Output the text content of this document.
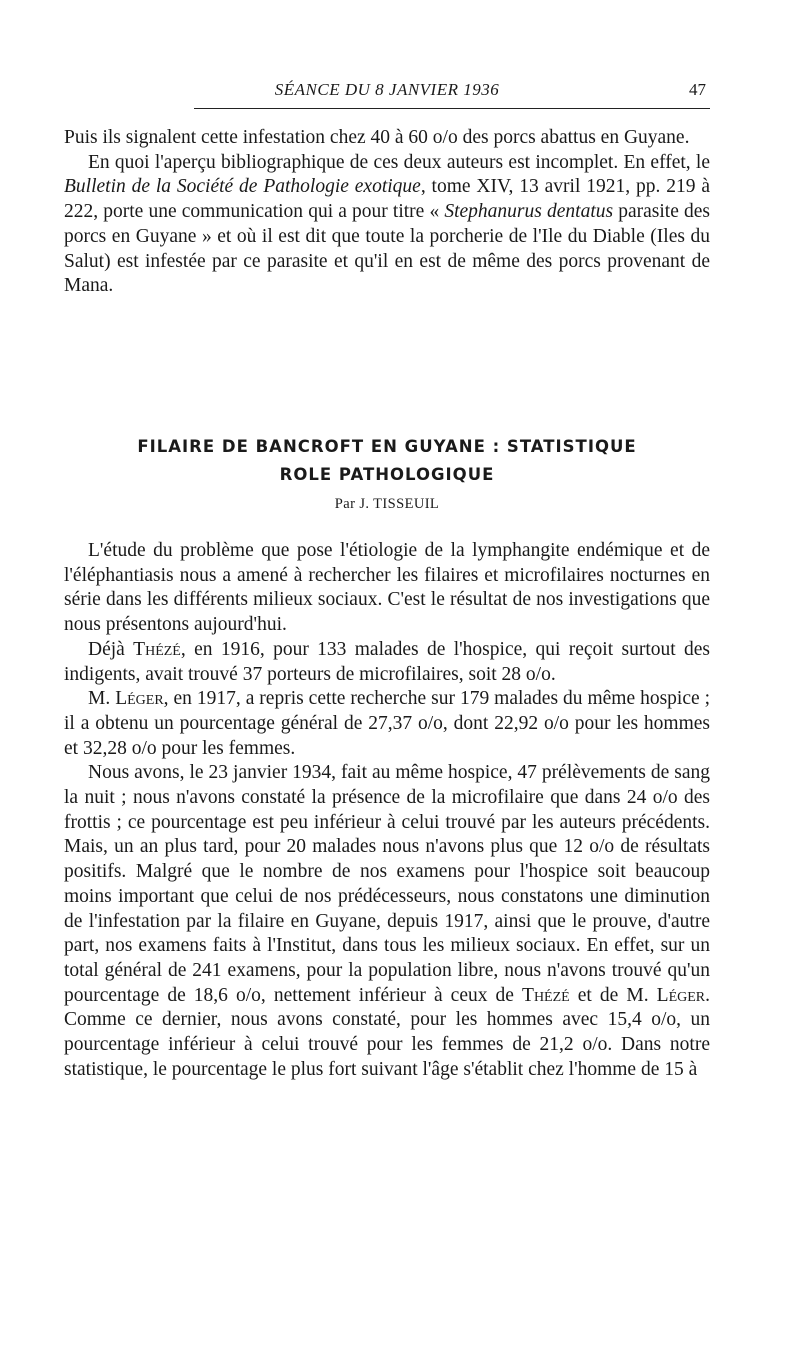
SÉANCE DU 8 JANVIER 1936	47

Puis ils signalent cette infestation chez 40 à 60 o/o des porcs abattus en Guyane.

En quoi l'aperçu bibliographique de ces deux auteurs est incomplet. En effet, le Bulletin de la Société de Pathologie exotique, tome XIV, 13 avril 1921, pp. 219 à 222, porte une communication qui a pour titre « Stephanurus dentatus parasite des porcs en Guyane » et où il est dit que toute la porcherie de l'Ile du Diable (Iles du Salut) est infestée par ce parasite et qu'il en est de même des porcs provenant de Mana.

FILAIRE DE BANCROFT EN GUYANE : STATISTIQUE
ROLE PATHOLOGIQUE
Par J. TISSEUIL

L'étude du problème que pose l'étiologie de la lymphangite endémique et de l'éléphantiasis nous a amené à rechercher les filaires et microfilaires nocturnes en série dans les différents milieux sociaux. C'est le résultat de nos investigations que nous présentons aujourd'hui.

Déjà Thézé, en 1916, pour 133 malades de l'hospice, qui reçoit surtout des indigents, avait trouvé 37 porteurs de microfilaires, soit 28 o/o.

M. Léger, en 1917, a repris cette recherche sur 179 malades du même hospice ; il a obtenu un pourcentage général de 27,37 o/o, dont 22,92 o/o pour les hommes et 32,28 o/o pour les femmes.

Nous avons, le 23 janvier 1934, fait au même hospice, 47 prélèvements de sang la nuit ; nous n'avons constaté la présence de la microfilaire que dans 24 o/o des frottis ; ce pourcentage est peu inférieur à celui trouvé par les auteurs précédents. Mais, un an plus tard, pour 20 malades nous n'avons plus que 12 o/o de résultats positifs. Malgré que le nombre de nos examens pour l'hospice soit beaucoup moins important que celui de nos prédécesseurs, nous constatons une diminution de l'infestation par la filaire en Guyane, depuis 1917, ainsi que le prouve, d'autre part, nos examens faits à l'Institut, dans tous les milieux sociaux. En effet, sur un total général de 241 examens, pour la population libre, nous n'avons trouvé qu'un pourcentage de 18,6 o/o, nettement inférieur à ceux de Thézé et de M. Léger. Comme ce dernier, nous avons constaté, pour les hommes avec 15,4 o/o, un pourcentage inférieur à celui trouvé pour les femmes de 21,2 o/o. Dans notre statistique, le pourcentage le plus fort suivant l'âge s'établit chez l'homme de 15 à
